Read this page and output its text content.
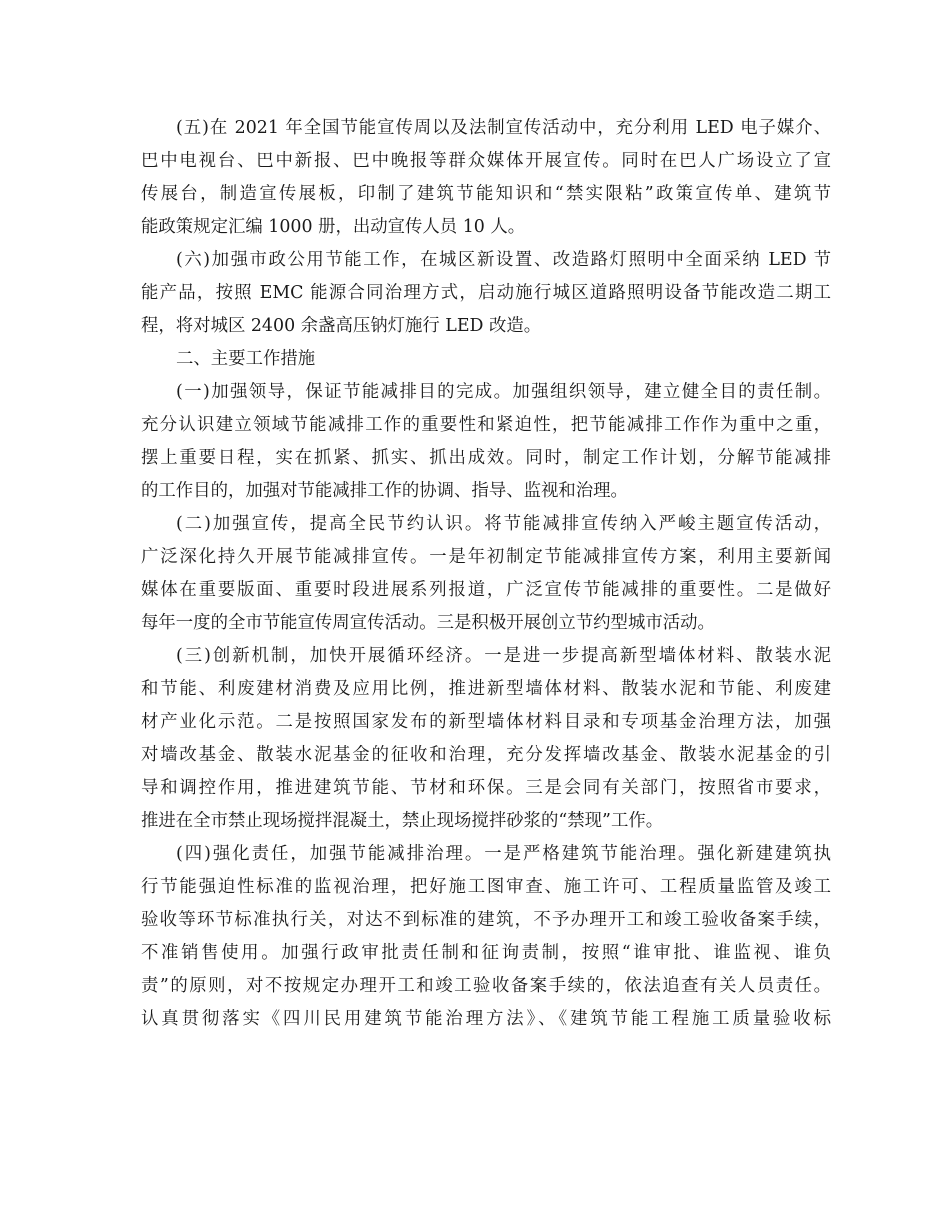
(五)在 2021 年全国节能宣传周以及法制宣传活动中，充分利用 LED 电子媒介、
巴中电视台、巴中新报、巴中晚报等群众媒体开展宣传。同时在巴人广场设立了宣
传展台，制造宣传展板，印制了建筑节能知识和“禁实限粘”政策宣传单、建筑节
能政策规定汇编 1000 册，出动宣传人员 10 人。
(六)加强市政公用节能工作，在城区新设置、改造路灯照明中全面采纳 LED 节
能产品，按照 EMC 能源合同治理方式，启动施行城区道路照明设备节能改造二期工
程，将对城区 2400 余盏高压钠灯施行 LED 改造。
二、主要工作措施
(一)加强领导，保证节能减排目的完成。加强组织领导，建立健全目的责任制。
充分认识建立领域节能减排工作的重要性和紧迫性，把节能减排工作作为重中之重，
摆上重要日程，实在抓紧、抓实、抓出成效。同时，制定工作计划，分解节能减排
的工作目的，加强对节能减排工作的协调、指导、监视和治理。
(二)加强宣传，提高全民节约认识。将节能减排宣传纳入严峻主题宣传活动，
广泛深化持久开展节能减排宣传。一是年初制定节能减排宣传方案，利用主要新闻
媒体在重要版面、重要时段进展系列报道，广泛宣传节能减排的重要性。二是做好
每年一度的全市节能宣传周宣传活动。三是积极开展创立节约型城市活动。
(三)创新机制，加快开展循环经济。一是进一步提高新型墙体材料、散装水泥
和节能、利废建材消费及应用比例，推进新型墙体材料、散装水泥和节能、利废建
材产业化示范。二是按照国家发布的新型墙体材料目录和专项基金治理方法，加强
对墙改基金、散装水泥基金的征收和治理，充分发挥墙改基金、散装水泥基金的引
导和调控作用，推进建筑节能、节材和环保。三是会同有关部门，按照省市要求，
推进在全市禁止现场搅拌混凝土，禁止现场搅拌砂浆的“禁现”工作。
(四)强化责任，加强节能减排治理。一是严格建筑节能治理。强化新建建筑执
行节能强迫性标准的监视治理，把好施工图审查、施工许可、工程质量监管及竣工
验收等环节标准执行关，对达不到标准的建筑，不予办理开工和竣工验收备案手续，
不准销售使用。加强行政审批责任制和征询责制，按照“谁审批、谁监视、谁负
责”的原则，对不按规定办理开工和竣工验收备案手续的，依法追查有关人员责任。
认真贯彻落实《四川民用建筑节能治理方法》、《建筑节能工程施工质量验收标
